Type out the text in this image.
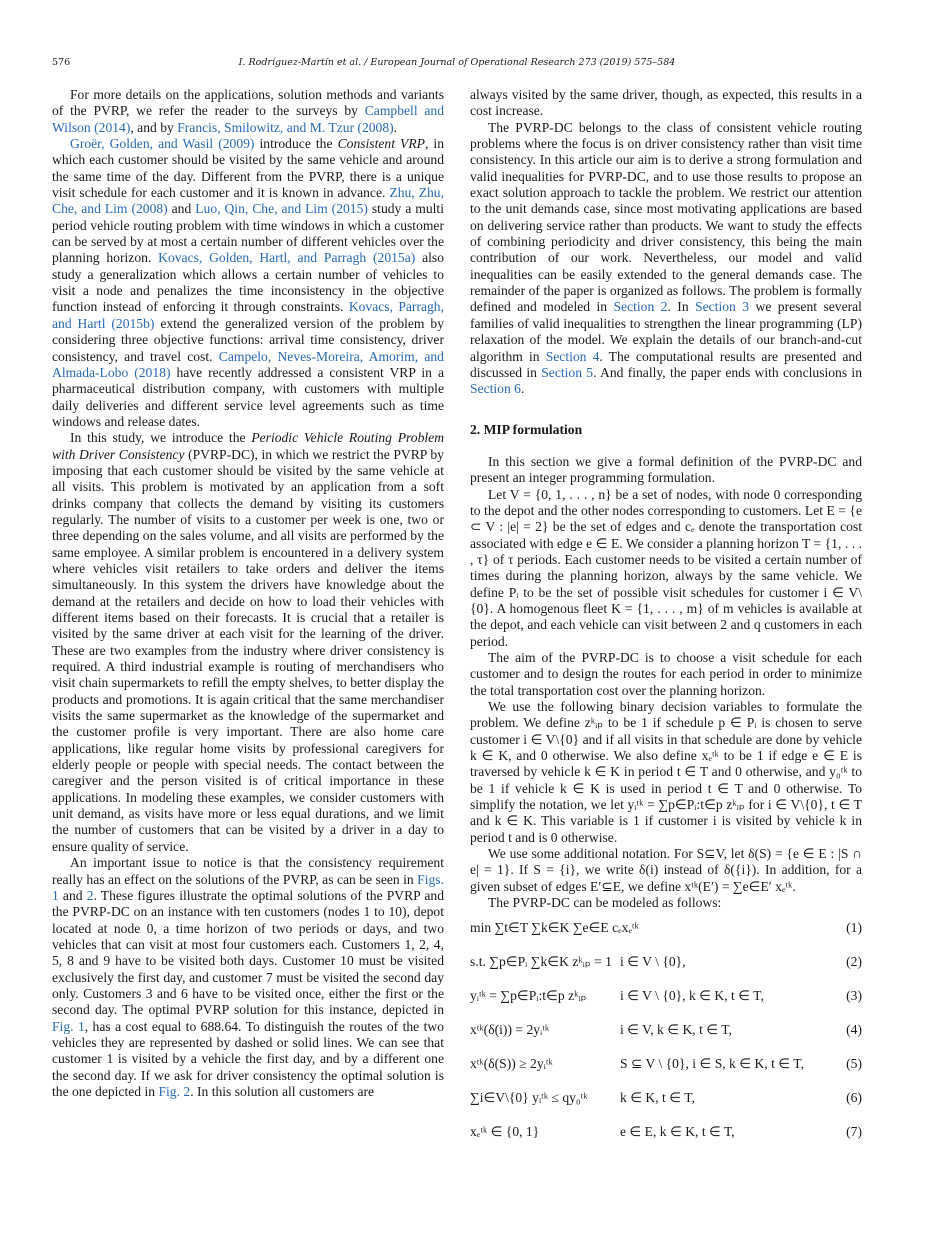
576	I. Rodríguez-Martín et al. / European Journal of Operational Research 273 (2019) 575–584

For more details on the applications, solution methods and variants of the PVRP, we refer the reader to the surveys by Campbell and Wilson (2014), and by Francis, Smilowitz, and M. Tzur (2008).

Groër, Golden, and Wasil (2009) introduce the Consistent VRP, in which each customer should be visited by the same vehicle and around the same time of the day. Different from the PVRP, there is a unique visit schedule for each customer and it is known in advance. Zhu, Zhu, Che, and Lim (2008) and Luo, Qin, Che, and Lim (2015) study a multi period vehicle routing problem with time windows in which a customer can be served by at most a certain number of different vehicles over the planning horizon. Kovacs, Golden, Hartl, and Parragh (2015a) also study a generalization which allows a certain number of vehicles to visit a node and penalizes the time inconsistency in the objective function instead of enforcing it through constraints. Kovacs, Parragh, and Hartl (2015b) extend the generalized version of the problem by considering three objective functions: arrival time consistency, driver consistency, and travel cost. Campelo, Neves-Moreira, Amorim, and Almada-Lobo (2018) have recently addressed a consistent VRP in a pharmaceutical distribution company, with customers with multiple daily deliveries and different service level agreements such as time windows and release dates.

In this study, we introduce the Periodic Vehicle Routing Problem with Driver Consistency (PVRP-DC), in which we restrict the PVRP by imposing that each customer should be visited by the same vehicle at all visits. This problem is motivated by an application from a soft drinks company that collects the demand by visiting its customers regularly. The number of visits to a customer per week is one, two or three depending on the sales volume, and all visits are performed by the same employee. A similar problem is encountered in a delivery system where vehicles visit retailers to take orders and deliver the items simultaneously. In this system the drivers have knowledge about the demand at the retailers and decide on how to load their vehicles with different items based on their forecasts. It is crucial that a retailer is visited by the same driver at each visit for the learning of the driver. These are two examples from the industry where driver consistency is required. A third industrial example is routing of merchandisers who visit chain supermarkets to refill the empty shelves, to better display the products and promotions. It is again critical that the same merchandiser visits the same supermarket as the knowledge of the supermarket and the customer profile is very important. There are also home care applications, like regular home visits by professional caregivers for elderly people or people with special needs. The contact between the caregiver and the person visited is of critical importance in these applications. In modeling these examples, we consider customers with unit demand, as visits have more or less equal durations, and we limit the number of customers that can be visited by a driver in a day to ensure quality of service.

An important issue to notice is that the consistency requirement really has an effect on the solutions of the PVRP, as can be seen in Figs. 1 and 2. These figures illustrate the optimal solutions of the PVRP and the PVRP-DC on an instance with ten customers (nodes 1 to 10), depot located at node 0, a time horizon of two periods or days, and two vehicles that can visit at most four customers each. Customers 1, 2, 4, 5, 8 and 9 have to be visited both days. Customer 10 must be visited exclusively the first day, and customer 7 must be visited the second day only. Customers 3 and 6 have to be visited once, either the first or the second day. The optimal PVRP solution for this instance, depicted in Fig. 1, has a cost equal to 688.64. To distinguish the routes of the two vehicles they are represented by dashed or solid lines. We can see that customer 1 is visited by a vehicle the first day, and by a different one the second day. If we ask for driver consistency the optimal solution is the one depicted in Fig. 2. In this solution all customers are

always visited by the same driver, though, as expected, this results in a cost increase.

The PVRP-DC belongs to the class of consistent vehicle routing problems where the focus is on driver consistency rather than visit time consistency. In this article our aim is to derive a strong formulation and valid inequalities for PVRP-DC, and to use those results to propose an exact solution approach to tackle the problem. We restrict our attention to the unit demands case, since most motivating applications are based on delivering service rather than products. We want to study the effects of combining periodicity and driver consistency, this being the main contribution of our work. Nevertheless, our model and valid inequalities can be easily extended to the general demands case. The remainder of the paper is organized as follows. The problem is formally defined and modeled in Section 2. In Section 3 we present several families of valid inequalities to strengthen the linear programming (LP) relaxation of the model. We explain the details of our branch-and-cut algorithm in Section 4. The computational results are presented and discussed in Section 5. And finally, the paper ends with conclusions in Section 6.

2. MIP formulation

In this section we give a formal definition of the PVRP-DC and present an integer programming formulation.

Let V = {0, 1, . . . , n} be a set of nodes, with node 0 corresponding to the depot and the other nodes corresponding to customers. Let E = {e ⊂ V : |e| = 2} be the set of edges and cₑ denote the transportation cost associated with edge e ∈ E. We consider a planning horizon T = {1, . . . , τ} of τ periods. Each customer needs to be visited a certain number of times during the planning horizon, always by the same vehicle. We define Pᵢ to be the set of possible visit schedules for customer i ∈ V\{0}. A homogenous fleet K = {1, . . . , m} of m vehicles is available at the depot, and each vehicle can visit between 2 and q customers in each period.

The aim of the PVRP-DC is to choose a visit schedule for each customer and to design the routes for each period in order to minimize the total transportation cost over the planning horizon.

We use the following binary decision variables to formulate the problem. We define zᵏᵢₚ to be 1 if schedule p ∈ Pᵢ is chosen to serve customer i ∈ V\{0} and if all visits in that schedule are done by vehicle k ∈ K, and 0 otherwise. We also define xₑᵗᵏ to be 1 if edge e ∈ E is traversed by vehicle k ∈ K in period t ∈ T and 0 otherwise, and y₀ᵗᵏ to be 1 if vehicle k ∈ K is used in period t ∈ T and 0 otherwise. To simplify the notation, we let yᵢᵗᵏ = ∑p∈Pᵢ:t∈p zᵏᵢₚ for i ∈ V\{0}, t ∈ T and k ∈ K. This variable is 1 if customer i is visited by vehicle k in period t and is 0 otherwise.

We use some additional notation. For S⊆V, let δ(S) = {e ∈ E : |S ∩ e| = 1}. If S = {i}, we write δ(i) instead of δ({i}). In addition, for a given subset of edges E′⊆E, we define xᵗᵏ(E′) = ∑e∈E′ xₑᵗᵏ.

The PVRP-DC can be modeled as follows:

min ∑t∈T ∑k∈K ∑e∈E cₑxₑᵗᵏ	(1)
s.t. ∑p∈Pᵢ ∑k∈K zᵏᵢₚ = 1 i ∈ V \ {0},	(2)
yᵢᵗᵏ = ∑p∈Pᵢ:t∈p zᵏᵢₚ i ∈ V \ {0}, k ∈ K, t ∈ T,	(3)
xᵗᵏ(δ(i)) = 2yᵢᵗᵏ	i ∈ V, k ∈ K, t ∈ T,	(4)
xᵗᵏ(δ(S)) ≥ 2yᵢᵗᵏ	S ⊆ V \ {0}, i ∈ S, k ∈ K, t ∈ T,	(5)
∑i∈V\{0} yᵢᵗᵏ ≤ qy₀ᵗᵏ k ∈ K, t ∈ T,	(6)
xₑᵗᵏ ∈ {0, 1}	e ∈ E, k ∈ K, t ∈ T,	(7)
